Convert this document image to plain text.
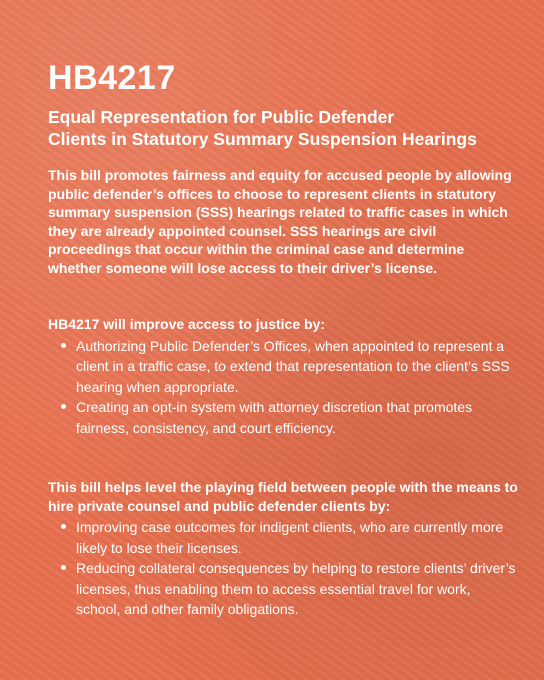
HB4217
Equal Representation for Public Defender
Clients in Statutory Summary Suspension Hearings

This bill promotes fairness and equity for accused people by allowing public defender’s offices to choose to represent clients in statutory summary suspension (SSS) hearings related to traffic cases in which they are already appointed counsel. SSS hearings are civil proceedings that occur within the criminal case and determine whether someone will lose access to their driver’s license.

HB4217 will improve access to justice by:

Authorizing Public Defender’s Offices, when appointed to represent a client in a traffic case, to extend that representation to the client’s SSS hearing when appropriate.
Creating an opt-in system with attorney discretion that promotes fairness, consistency, and court efficiency.

This bill helps level the playing field between people with the means to hire private counsel and public defender clients by:

Improving case outcomes for indigent clients, who are currently more likely to lose their licenses.
Reducing collateral consequences by helping to restore clients’ driver’s licenses, thus enabling them to access essential travel for work, school, and other family obligations.
